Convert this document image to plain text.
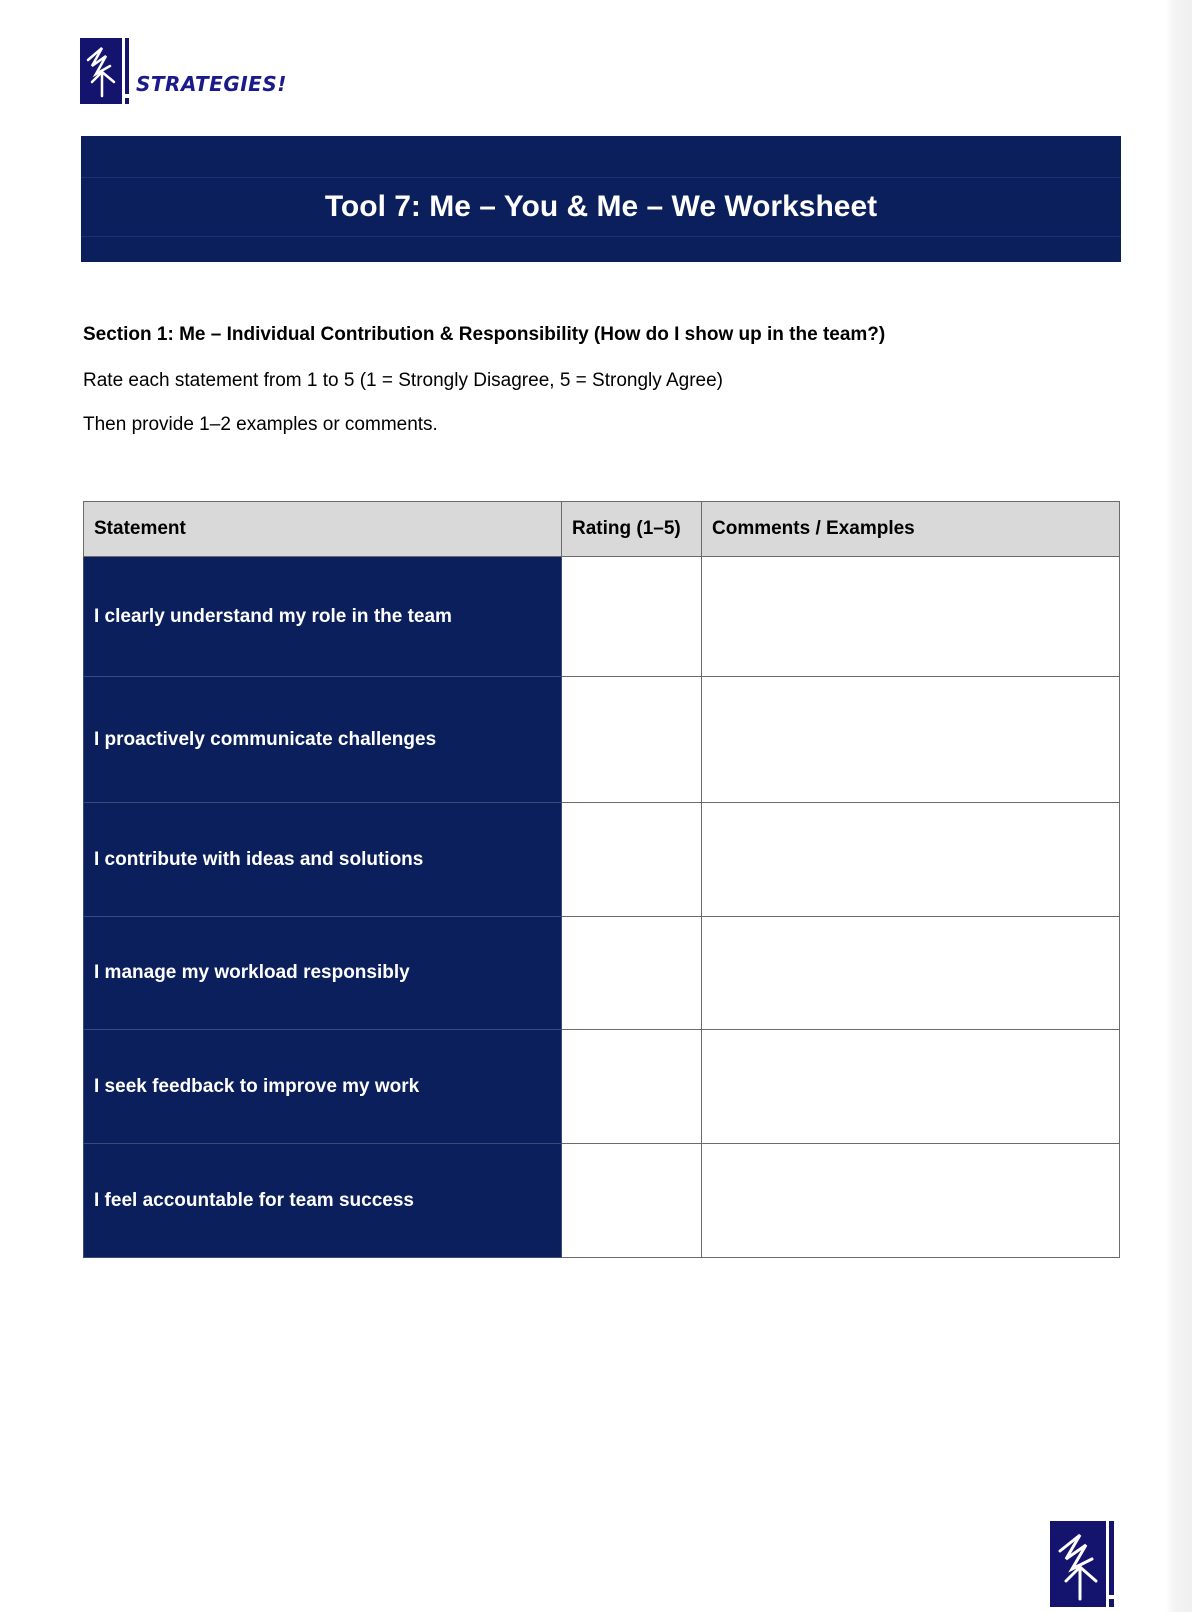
STRATEGIES!
Tool 7: Me – You & Me – We Worksheet
Section 1: Me – Individual Contribution & Responsibility (How do I show up in the team?)
Rate each statement from 1 to 5 (1 = Strongly Disagree, 5 = Strongly Agree)
Then provide 1–2 examples or comments.
Statement	Rating (1–5)	Comments / Examples
I clearly understand my role in the team		
I proactively communicate challenges		
I contribute with ideas and solutions		
I manage my workload responsibly		
I seek feedback to improve my work		
I feel accountable for team success		
